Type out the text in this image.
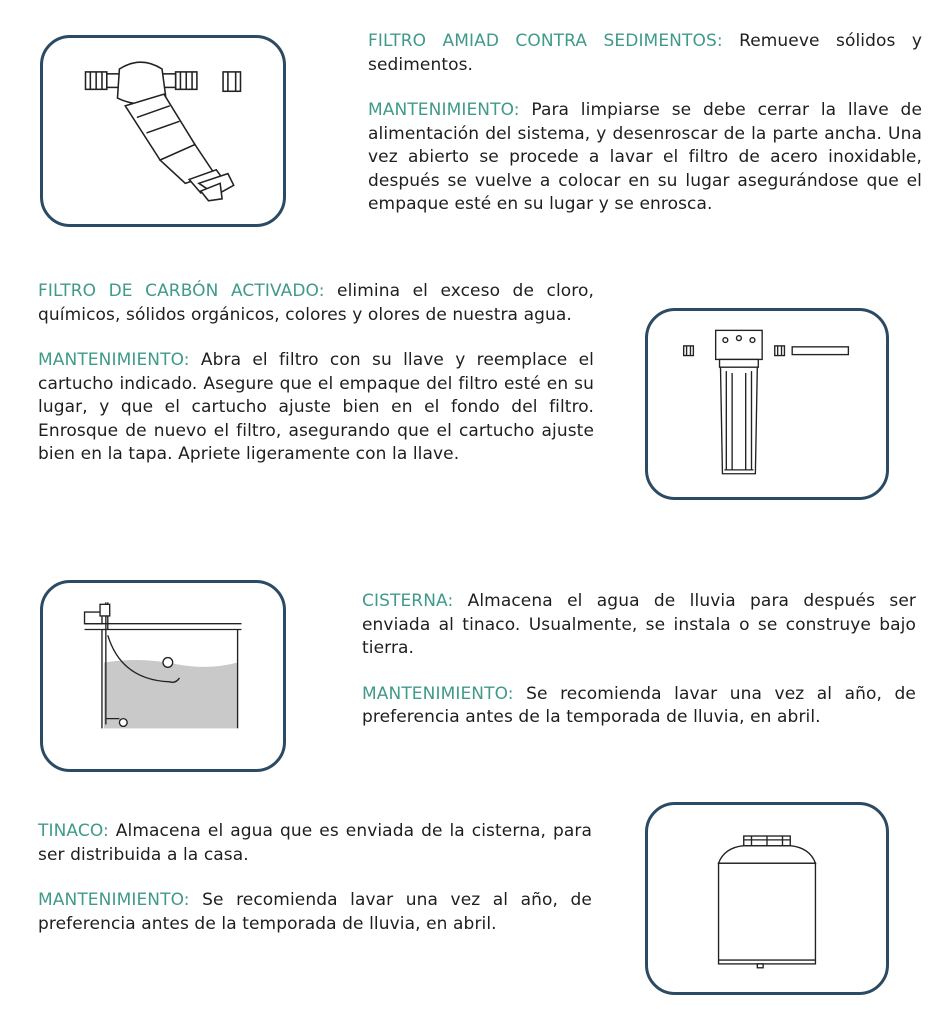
FILTRO AMIAD CONTRA SEDIMENTOS: Remueve sólidos y sedimentos.

MANTENIMIENTO: Para limpiarse se debe cerrar la llave de alimentación del sistema, y desenroscar de la parte ancha. Una vez abierto se procede a lavar el filtro de acero inoxidable, después se vuelve a colocar en su lugar asegurándose que el empaque esté en su lugar y se enrosca.

FILTRO DE CARBÓN ACTIVADO: elimina el exceso de cloro, químicos, sólidos orgánicos, colores y olores de nuestra agua.

MANTENIMIENTO: Abra el filtro con su llave y reemplace el cartucho indicado. Asegure que el empaque del filtro esté en su lugar, y que el cartucho ajuste bien en el fondo del filtro. Enrosque de nuevo el filtro, asegurando que el cartucho ajuste bien en la tapa. Apriete ligeramente con la llave.

CISTERNA: Almacena el agua de lluvia para después ser enviada al tinaco. Usualmente, se instala o se construye bajo tierra.

MANTENIMIENTO: Se recomienda lavar una vez al año, de preferencia antes de la temporada de lluvia, en abril.

TINACO: Almacena el agua que es enviada de la cisterna, para ser distribuida a la casa.

MANTENIMIENTO: Se recomienda lavar una vez al año, de preferencia antes de la temporada de lluvia, en abril.
